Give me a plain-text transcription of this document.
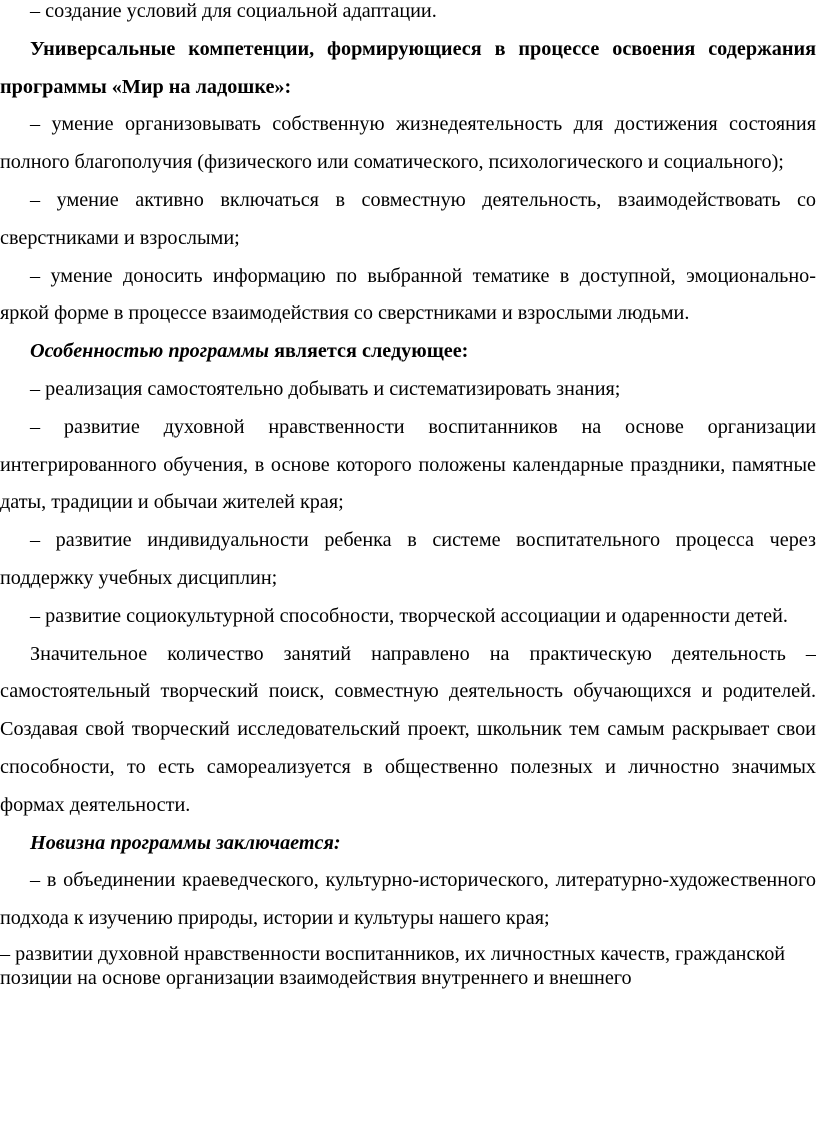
– создание условий для социальной адаптации.

Универсальные компетенции, формирующиеся в процессе освоения содержания программы «Мир на ладошке»:

– умение организовывать собственную жизнедеятельность для достижения состояния полного благополучия (физического или соматического, психологического и социального);

– умение активно включаться в совместную деятельность, взаимодействовать со сверстниками и взрослыми;

– умение доносить информацию по выбранной тематике в доступной, эмоционально-яркой форме в процессе взаимодействия со сверстниками и взрослыми людьми.

Особенностью программы является следующее:

– реализация самостоятельно добывать и систематизировать знания;

– развитие духовной нравственности воспитанников на основе организации интегрированного обучения, в основе которого положены календарные праздники, памятные даты, традиции и обычаи жителей края;

– развитие индивидуальности ребенка в системе воспитательного процесса через поддержку учебных дисциплин;

– развитие социокультурной способности, творческой ассоциации и одаренности детей.

Значительное количество занятий направлено на практическую деятельность – самостоятельный творческий поиск, совместную деятельность обучающихся и родителей. Создавая свой творческий исследовательский проект, школьник тем самым раскрывает свои способности, то есть самореализуется в общественно полезных и личностно значимых формах деятельности.

Новизна программы заключается:

– в объединении краеведческого, культурно-исторического, литературно-художественного подхода к изучению природы, истории и культуры нашего края;

– развитии духовной нравственности воспитанников, их личностных качеств, гражданской позиции на основе организации взаимодействия внутреннего и внешнего
